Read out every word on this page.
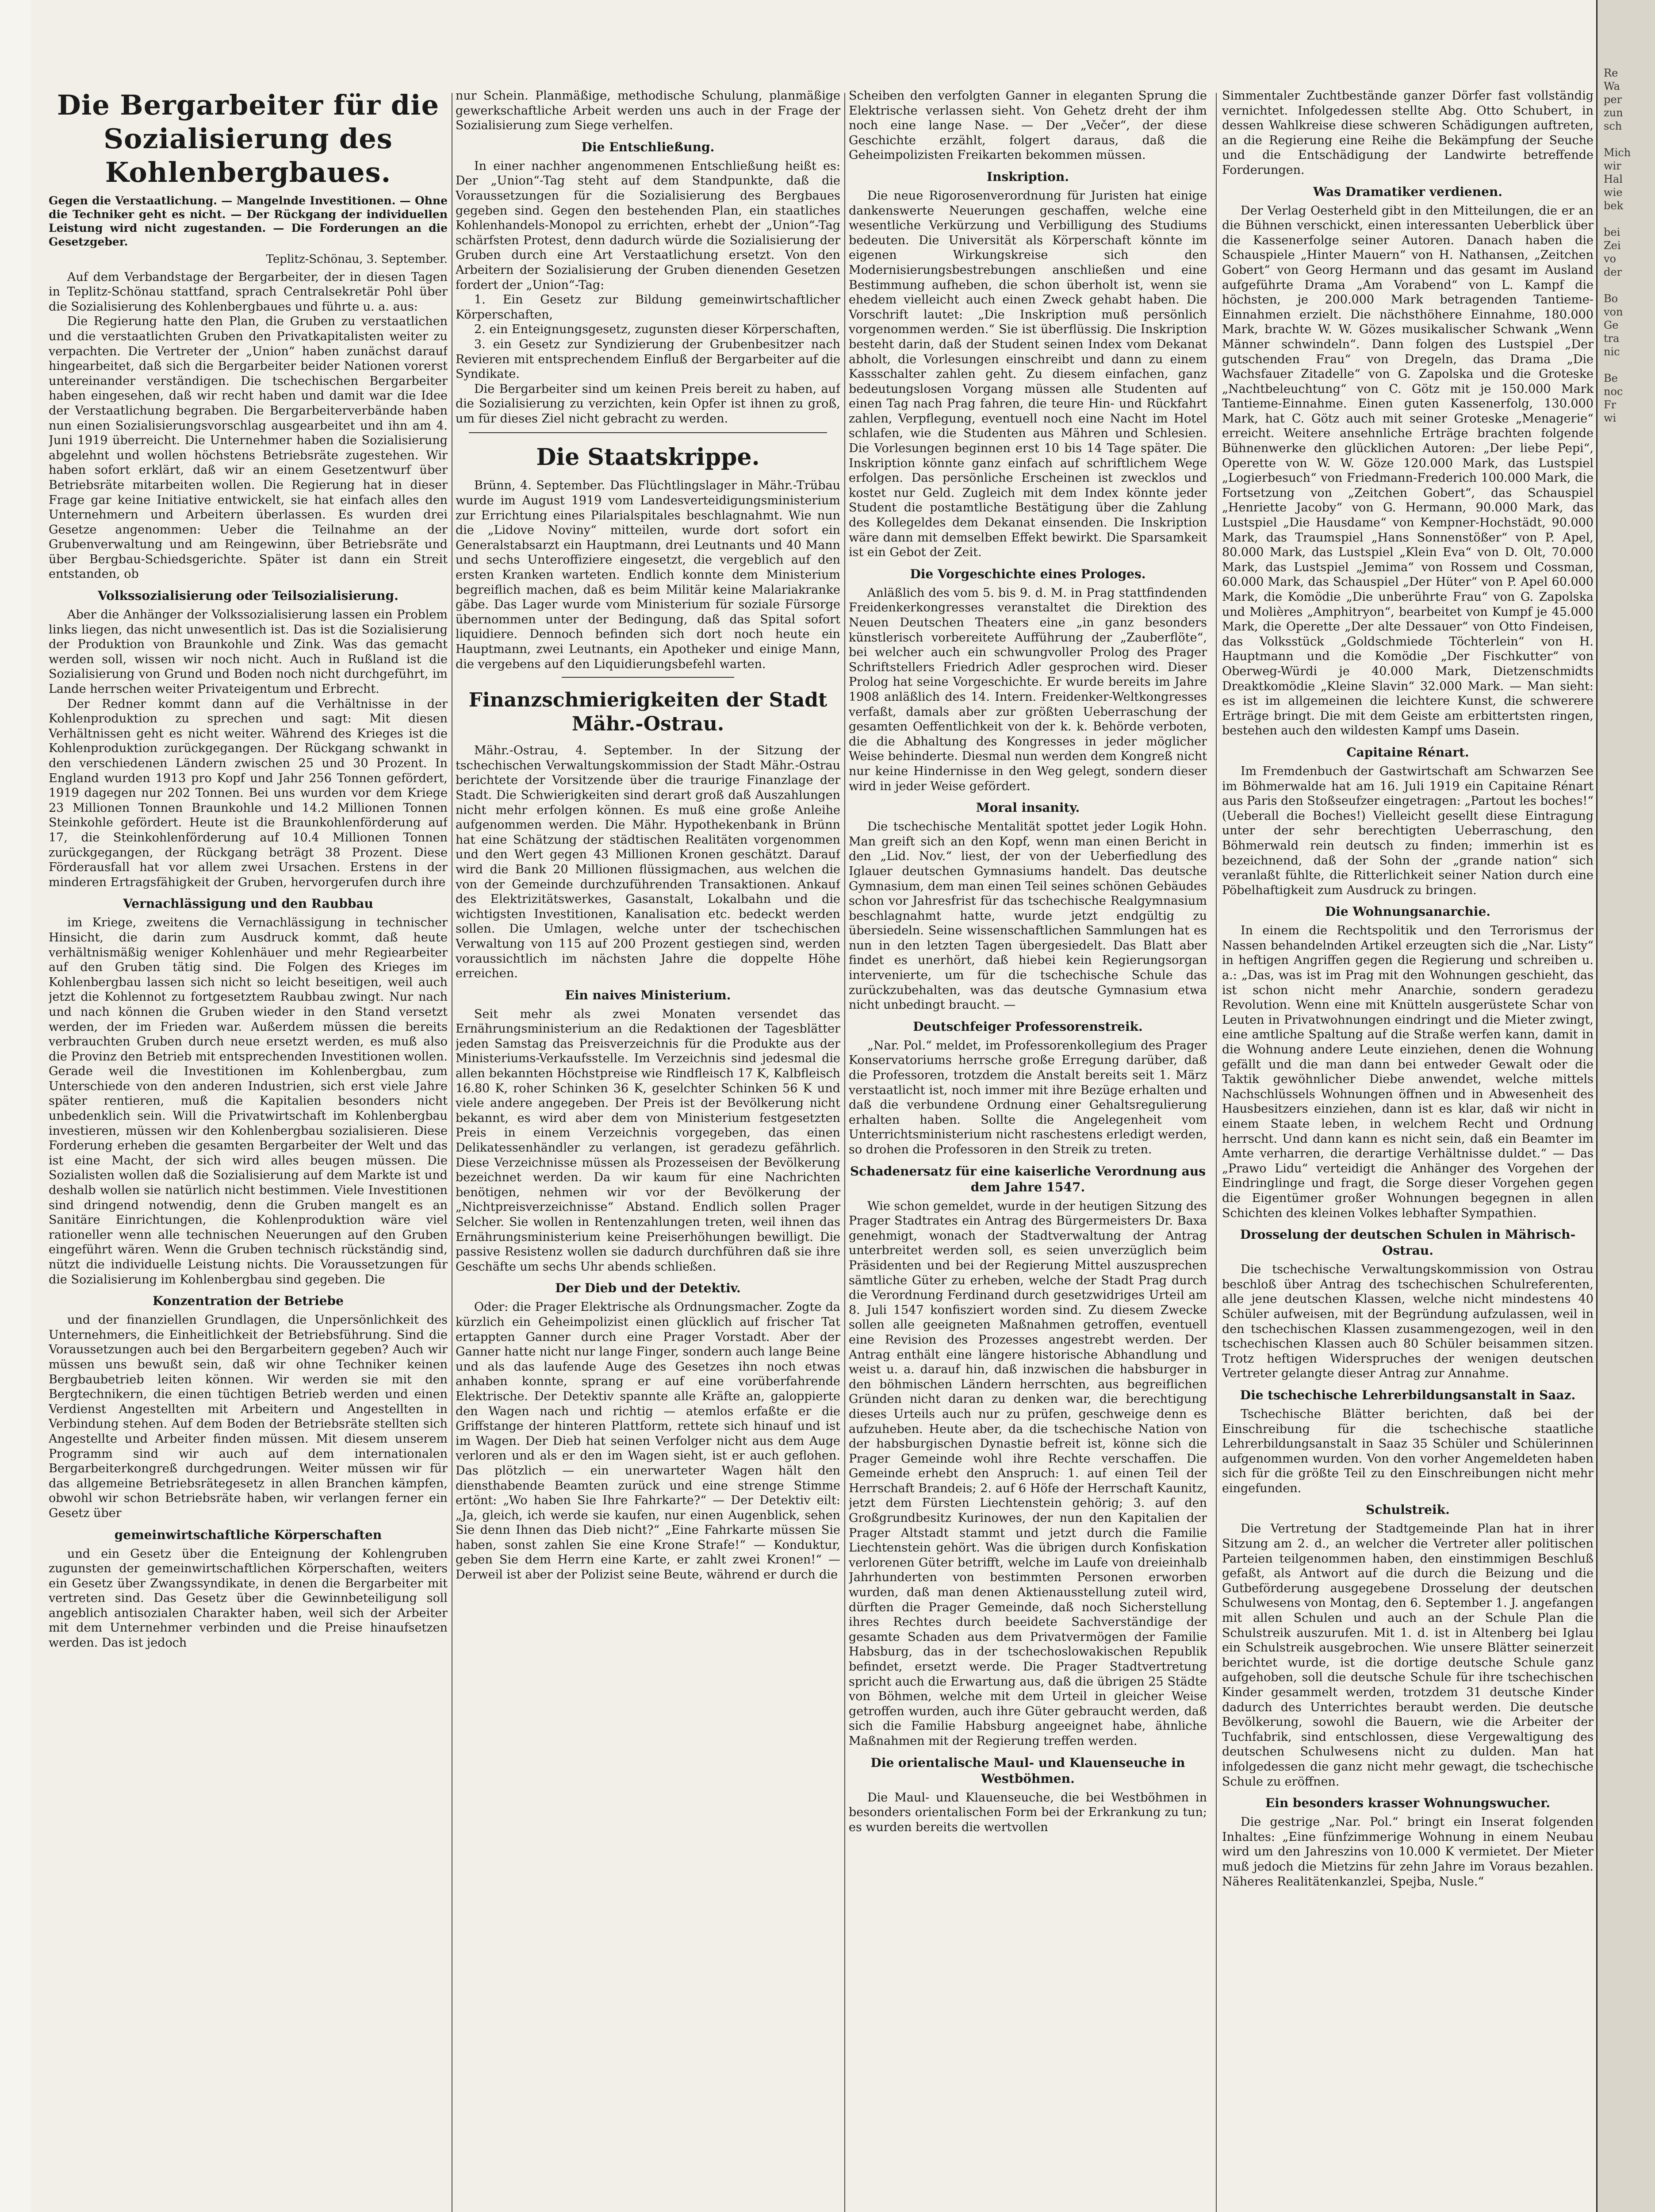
Die Bergarbeiter für die Sozialisierung des Kohlenbergbaues.
Gegen die Verstaatlichung. — Mangelnde Investitionen. — Ohne die Techniker geht es nicht. — Der Rückgang der individuellen Leistung wird nicht zugestanden. — Die Forderungen an die Gesetzgeber.
Teplitz-Schönau, 3. September.

Auf dem Verbandstage der Bergarbeiter, der in diesen Tagen in Teplitz-Schönau stattfand, sprach Centralsekretär Pohl über die Sozialisierung des Kohlenbergbaues und führte u. a. aus:

Die Regierung hatte den Plan, die Gruben zu verstaatlichen und die verstaatlichten Gruben den Privatkapitalisten weiter zu verpachten. Die Vertreter der „Union“ haben zunächst darauf hingearbeitet, daß sich die Bergarbeiter beider Nationen vorerst untereinander verständigen. Die tschechischen Bergarbeiter haben eingesehen, daß wir recht haben und damit war die Idee der Verstaatlichung begraben. Die Bergarbeiterverbände haben nun einen Sozialisierungsvorschlag ausgearbeitet und ihn am 4. Juni 1919 überreicht. Die Unternehmer haben die Sozialisierung abgelehnt und wollen höchstens Betriebsräte zugestehen. Wir haben sofort erklärt, daß wir an einem Gesetzentwurf über Betriebsräte mitarbeiten wollen. Die Regierung hat in dieser Frage gar keine Initiative entwickelt, sie hat einfach alles den Unternehmern und Arbeitern überlassen. Es wurden drei Gesetze angenommen: Ueber die Teilnahme an der Grubenverwaltung und am Reingewinn, über Betriebsräte und über Bergbau-Schiedsgerichte. Später ist dann ein Streit entstanden, ob

Volkssozialisierung oder Teilsozialisierung.

Aber die Anhänger der Volkssozialisierung lassen ein Problem links liegen, das nicht unwesentlich ist. Das ist die Sozialisierung der Produktion von Braunkohle und Zink. Was das gemacht werden soll, wissen wir noch nicht. Auch in Rußland ist die Sozialisierung von Grund und Boden noch nicht durchgeführt, im Lande herrschen weiter Privateigentum und Erbrecht.

Der Redner kommt dann auf die Verhältnisse in der Kohlenproduktion zu sprechen und sagt: Mit diesen Verhältnissen geht es nicht weiter. Während des Krieges ist die Kohlenproduktion zurückgegangen. Der Rückgang schwankt in den verschiedenen Ländern zwischen 25 und 30 Prozent. In England wurden 1913 pro Kopf und Jahr 256 Tonnen gefördert, 1919 dagegen nur 202 Tonnen. Bei uns wurden vor dem Kriege 23 Millionen Tonnen Braunkohle und 14.2 Millionen Tonnen Steinkohle gefördert. Heute ist die Braunkohlenförderung auf 17, die Steinkohlenförderung auf 10.4 Millionen Tonnen zurückgegangen, der Rückgang beträgt 38 Prozent. Diese Förderausfall hat vor allem zwei Ursachen. Erstens in der minderen Ertragsfähigkeit der Gruben, hervorgerufen durch ihre

Vernachlässigung und den Raubbau

im Kriege, zweitens die Vernachlässigung in technischer Hinsicht, die darin zum Ausdruck kommt, daß heute verhältnismäßig weniger Kohlenhäuer und mehr Regiearbeiter auf den Gruben tätig sind. Die Folgen des Krieges im Kohlenbergbau lassen sich nicht so leicht beseitigen, weil auch jetzt die Kohlennot zu fortgesetztem Raubbau zwingt. Nur nach und nach können die Gruben wieder in den Stand versetzt werden, der im Frieden war. Außerdem müssen die bereits verbrauchten Gruben durch neue ersetzt werden, es muß also die Provinz den Betrieb mit entsprechenden Investitionen wollen. Gerade weil die Investitionen im Kohlenbergbau, zum Unterschiede von den anderen Industrien, sich erst viele Jahre später rentieren, muß die Kapitalien besonders nicht unbedenklich sein. Will die Privatwirtschaft im Kohlenbergbau investieren, müssen wir den Kohlenbergbau sozialisieren. Diese Forderung erheben die gesamten Bergarbeiter der Welt und das ist eine Macht, der sich wird alles beugen müssen. Die Sozialisten wollen daß die Sozialisierung auf dem Markte ist und deshalb wollen sie natürlich nicht bestimmen. Viele Investitionen sind dringend notwendig, denn die Gruben mangelt es an Sanitäre Einrichtungen, die Kohlenproduktion wäre viel rationeller wenn alle technischen Neuerungen auf den Gruben eingeführt wären. Wenn die Gruben technisch rückständig sind, nützt die individuelle Leistung nichts. Die Voraussetzungen für die Sozialisierung im Kohlenbergbau sind gegeben. Die

Konzentration der Betriebe

und der finanziellen Grundlagen, die Unpersönlichkeit des Unternehmers, die Einheitlichkeit der Betriebsführung. Sind die Voraussetzungen auch bei den Bergarbeitern gegeben? Auch wir müssen uns bewußt sein, daß wir ohne Techniker keinen Bergbaubetrieb leiten können. Wir werden sie mit den Bergtechnikern, die einen tüchtigen Betrieb werden und einen Verdienst Angestellten mit Arbeitern und Angestellten in Verbindung stehen. Auf dem Boden der Betriebsräte stellten sich Angestellte und Arbeiter finden müssen. Mit diesem unserem Programm sind wir auch auf dem internationalen Bergarbeiterkongreß durchgedrungen. Weiter müssen wir für das allgemeine Betriebsrätegesetz in allen Branchen kämpfen, obwohl wir schon Betriebsräte haben, wir verlangen ferner ein Gesetz über

gemeinwirtschaftliche Körperschaften

und ein Gesetz über die Enteignung der Kohlengruben zugunsten der gemeinwirtschaftlichen Körperschaften, weiters ein Gesetz über Zwangssyndikate, in denen die Bergarbeiter mit vertreten sind. Das Gesetz über die Gewinnbeteiligung soll angeblich antisozialen Charakter haben, weil sich der Arbeiter mit dem Unternehmer verbinden und die Preise hinaufsetzen werden. Das ist jedoch

nur Schein. Planmäßige, methodische Schulung, planmäßige gewerkschaftliche Arbeit werden uns auch in der Frage der Sozialisierung zum Siege verhelfen.

Die Entschließung.

In einer nachher angenommenen Entschließung heißt es: Der „Union“-Tag steht auf dem Standpunkte, daß die Voraussetzungen für die Sozialisierung des Bergbaues gegeben sind. Gegen den bestehenden Plan, ein staatliches Kohlenhandels-Monopol zu errichten, erhebt der „Union“-Tag schärfsten Protest, denn dadurch würde die Sozialisierung der Gruben durch eine Art Verstaatlichung ersetzt. Von den Arbeitern der Sozialisierung der Gruben dienenden Gesetzen fordert der „Union“-Tag:

1. Ein Gesetz zur Bildung gemeinwirtschaftlicher Körperschaften,

2. ein Enteignungsgesetz, zugunsten dieser Körperschaften,

3. ein Gesetz zur Syndizierung der Grubenbesitzer nach Revieren mit entsprechendem Einfluß der Bergarbeiter auf die Syndikate.

Die Bergarbeiter sind um keinen Preis bereit zu haben, auf die Sozialisierung zu verzichten, kein Opfer ist ihnen zu groß, um für dieses Ziel nicht gebracht zu werden.

Die Staatskrippe.

Brünn, 4. September. Das Flüchtlingslager in Mähr.-Trübau wurde im August 1919 vom Landesverteidigungsministerium zur Errichtung eines Pilarialspitales beschlagnahmt. Wie nun die „Lidove Noviny“ mitteilen, wurde dort sofort ein Generalstabsarzt ein Hauptmann, drei Leutnants und 40 Mann und sechs Unteroffiziere eingesetzt, die vergeblich auf den ersten Kranken warteten. Endlich konnte dem Ministerium begreiflich machen, daß es beim Militär keine Malariakranke gäbe. Das Lager wurde vom Ministerium für soziale Fürsorge übernommen unter der Bedingung, daß das Spital sofort liquidiere. Dennoch befinden sich dort noch heute ein Hauptmann, zwei Leutnants, ein Apotheker und einige Mann, die vergebens auf den Liquidierungsbefehl warten.

Finanzschmierigkeiten der Stadt Mähr.-Ostrau.

Mähr.-Ostrau, 4. September. In der Sitzung der tschechischen Verwaltungskommission der Stadt Mähr.-Ostrau berichtete der Vorsitzende über die traurige Finanzlage der Stadt. Die Schwierigkeiten sind derart groß daß Auszahlungen nicht mehr erfolgen können. Es muß eine große Anleihe aufgenommen werden. Die Mähr. Hypothekenbank in Brünn hat eine Schätzung der städtischen Realitäten vorgenommen und den Wert gegen 43 Millionen Kronen geschätzt. Darauf wird die Bank 20 Millionen flüssigmachen, aus welchen die von der Gemeinde durchzuführenden Transaktionen. Ankauf des Elektrizitätswerkes, Gasanstalt, Lokalbahn und die wichtigsten Investitionen, Kanalisation etc. bedeckt werden sollen. Die Umlagen, welche unter der tschechischen Verwaltung von 115 auf 200 Prozent gestiegen sind, werden voraussichtlich im nächsten Jahre die doppelte Höhe erreichen.

Ein naives Ministerium.

Seit mehr als zwei Monaten versendet das Ernährungsministerium an die Redaktionen der Tagesblätter jeden Samstag das Preisverzeichnis für die Produkte aus der Ministeriums-Verkaufsstelle. Im Verzeichnis sind jedesmal die allen bekannten Höchstpreise wie Rindfleisch 17 K, Kalbfleisch 16.80 K, roher Schinken 36 K, geselchter Schinken 56 K und viele andere angegeben. Der Preis ist der Bevölkerung nicht bekannt, es wird aber dem von Ministerium festgesetzten Preis in einem Verzeichnis vorgegeben, das einen Delikatessenhändler zu verlangen, ist geradezu gefährlich. Diese Verzeichnisse müssen als Prozesseisen der Bevölkerung bezeichnet werden. Da wir kaum für eine Nachrichten benötigen, nehmen wir vor der Bevölkerung der „Nichtpreisverzeichnisse“ Abstand. Endlich sollen Prager Selcher. Sie wollen in Rentenzahlungen treten, weil ihnen das Ernährungsministerium keine Preiserhöhungen bewilligt. Die passive Resistenz wollen sie dadurch durchführen daß sie ihre Geschäfte um sechs Uhr abends schließen.

Der Dieb und der Detektiv.

Oder: die Prager Elektrische als Ordnungsmacher. Zogte da kürzlich ein Geheimpolizist einen glücklich auf frischer Tat ertappten Ganner durch eine Prager Vorstadt. Aber der Ganner hatte nicht nur lange Finger, sondern auch lange Beine und als das laufende Auge des Gesetzes ihn noch etwas anhaben konnte, sprang er auf eine vorüberfahrende Elektrische. Der Detektiv spannte alle Kräfte an, galoppierte den Wagen nach und richtig — atemlos erfaßte er die Griffstange der hinteren Plattform, rettete sich hinauf und ist im Wagen. Der Dieb hat seinen Verfolger nicht aus dem Auge verloren und als er den im Wagen sieht, ist er auch geflohen. Das plötzlich — ein unerwarteter Wagen hält den diensthabende Beamten zurück und eine strenge Stimme ertönt: „Wo haben Sie Ihre Fahrkarte?“ — Der Detektiv eilt: „Ja, gleich, ich werde sie kaufen, nur einen Augenblick, sehen Sie denn Ihnen das Dieb nicht?“ „Eine Fahrkarte müssen Sie haben, sonst zahlen Sie eine Krone Strafe!“ — Konduktur, geben Sie dem Herrn eine Karte, er zahlt zwei Kronen!“ — Derweil ist aber der Polizist seine Beute, während er durch die

Scheiben den verfolgten Ganner in eleganten Sprung die Elektrische verlassen sieht. Von Gehetz dreht der ihm noch eine lange Nase. — Der „Večer“, der diese Geschichte erzählt, folgert daraus, daß die Geheimpolizisten Freikarten bekommen müssen.

Inskription.

Die neue Rigorosenverordnung für Juristen hat einige dankenswerte Neuerungen geschaffen, welche eine wesentliche Verkürzung und Verbilligung des Studiums bedeuten. Die Universität als Körperschaft könnte im eigenen Wirkungskreise sich den Modernisierungsbestrebungen anschließen und eine Bestimmung aufheben, die schon überholt ist, wenn sie ehedem vielleicht auch einen Zweck gehabt haben. Die Vorschrift lautet: „Die Inskription muß persönlich vorgenommen werden.“ Sie ist überflüssig. Die Inskription besteht darin, daß der Student seinen Index vom Dekanat abholt, die Vorlesungen einschreibt und dann zu einem Kassschalter zahlen geht. Zu diesem einfachen, ganz bedeutungslosen Vorgang müssen alle Studenten auf einen Tag nach Prag fahren, die teure Hin- und Rückfahrt zahlen, Verpflegung, eventuell noch eine Nacht im Hotel schlafen, wie die Studenten aus Mähren und Schlesien. Die Vorlesungen beginnen erst 10 bis 14 Tage später. Die Inskription könnte ganz einfach auf schriftlichem Wege erfolgen. Das persönliche Erscheinen ist zwecklos und kostet nur Geld. Zugleich mit dem Index könnte jeder Student die postamtliche Bestätigung über die Zahlung des Kollegeldes dem Dekanat einsenden. Die Inskription wäre dann mit demselben Effekt bewirkt. Die Sparsamkeit ist ein Gebot der Zeit.

Die Vorgeschichte eines Prologes.

Anläßlich des vom 5. bis 9. d. M. in Prag stattfindenden Freidenkerkongresses veranstaltet die Direktion des Neuen Deutschen Theaters eine „in ganz besonders künstlerisch vorbereitete Aufführung der „Zauberflöte“, bei welcher auch ein schwungvoller Prolog des Prager Schriftstellers Friedrich Adler gesprochen wird. Dieser Prolog hat seine Vorgeschichte. Er wurde bereits im Jahre 1908 anläßlich des 14. Intern. Freidenker-Weltkongresses verfaßt, damals aber zur größten Ueberraschung der gesamten Oeffentlichkeit von der k. k. Behörde verboten, die die Abhaltung des Kongresses in jeder möglicher Weise behinderte. Diesmal nun werden dem Kongreß nicht nur keine Hindernisse in den Weg gelegt, sondern dieser wird in jeder Weise gefördert.

Moral insanity.

Die tschechische Mentalität spottet jeder Logik Hohn. Man greift sich an den Kopf, wenn man einen Bericht in den „Lid. Nov.“ liest, der von der Ueberfiedlung des Iglauer deutschen Gymnasiums handelt. Das deutsche Gymnasium, dem man einen Teil seines schönen Gebäudes schon vor Jahresfrist für das tschechische Realgymnasium beschlagnahmt hatte, wurde jetzt endgültig zu übersiedeln. Seine wissenschaftlichen Sammlungen hat es nun in den letzten Tagen übergesiedelt. Das Blatt aber findet es unerhört, daß hiebei kein Regierungsorgan intervenierte, um für die tschechische Schule das zurückzubehalten, was das deutsche Gymnasium etwa nicht unbedingt braucht. —

Deutschfeiger Professorenstreik.

„Nar. Pol.“ meldet, im Professorenkollegium des Prager Konservatoriums herrsche große Erregung darüber, daß die Professoren, trotzdem die Anstalt bereits seit 1. März verstaatlicht ist, noch immer mit ihre Bezüge erhalten und daß die verbundene Ordnung einer Gehaltsregulierung erhalten haben. Sollte die Angelegenheit vom Unterrichtsministerium nicht raschestens erledigt werden, so drohen die Professoren in den Streik zu treten.

Schadenersatz für eine kaiserliche Verordnung aus dem Jahre 1547.

Wie schon gemeldet, wurde in der heutigen Sitzung des Prager Stadtrates ein Antrag des Bürgermeisters Dr. Baxa genehmigt, wonach der Stadtverwaltung der Antrag unterbreitet werden soll, es seien unverzüglich beim Präsidenten und bei der Regierung Mittel auszusprechen sämtliche Güter zu erheben, welche der Stadt Prag durch die Verordnung Ferdinand durch gesetzwidriges Urteil am 8. Juli 1547 konfisziert worden sind. Zu diesem Zwecke sollen alle geeigneten Maßnahmen getroffen, eventuell eine Revision des Prozesses angestrebt werden. Der Antrag enthält eine längere historische Abhandlung und weist u. a. darauf hin, daß inzwischen die habsburger in den böhmischen Ländern herrschten, aus begreiflichen Gründen nicht daran zu denken war, die berechtigung dieses Urteils auch nur zu prüfen, geschweige denn es aufzuheben. Heute aber, da die tschechische Nation von der habsburgischen Dynastie befreit ist, könne sich die Prager Gemeinde wohl ihre Rechte verschaffen. Die Gemeinde erhebt den Anspruch: 1. auf einen Teil der Herrschaft Brandeis; 2. auf 6 Höfe der Herrschaft Kaunitz, jetzt dem Fürsten Liechtenstein gehörig; 3. auf den Großgrundbesitz Kurinowes, der nun den Kapitalien der Prager Altstadt stammt und jetzt durch die Familie Liechtenstein gehört. Was die übrigen durch Konfiskation verlorenen Güter betrifft, welche im Laufe von dreieinhalb Jahrhunderten von bestimmten Personen erworben wurden, daß man denen Aktienausstellung zuteil wird, dürften die Prager Gemeinde, daß noch Sicherstellung ihres Rechtes durch beeidete Sachverständige der gesamte Schaden aus dem Privatvermögen der Familie Habsburg, das in der tschechoslowakischen Republik befindet, ersetzt werde. Die Prager Stadtvertretung spricht auch die Erwartung aus, daß die übrigen 25 Städte von Böhmen, welche mit dem Urteil in gleicher Weise getroffen wurden, auch ihre Güter gebraucht werden, daß sich die Familie Habsburg angeeignet habe, ähnliche Maßnahmen mit der Regierung treffen werden.

Die orientalische Maul- und Klauenseuche in Westböhmen.

Die Maul- und Klauenseuche, die bei Westböhmen in besonders orientalischen Form bei der Erkrankung zu tun; es wurden bereits die wertvollen

Simmentaler Zuchtbestände ganzer Dörfer fast vollständig vernichtet. Infolgedessen stellte Abg. Otto Schubert, in dessen Wahlkreise diese schweren Schädigungen auftreten, an die Regierung eine Reihe die Bekämpfung der Seuche und die Entschädigung der Landwirte betreffende Forderungen.

Was Dramatiker verdienen.

Der Verlag Oesterheld gibt in den Mitteilungen, die er an die Bühnen verschickt, einen interessanten Ueberblick über die Kassenerfolge seiner Autoren. Danach haben die Schauspiele „Hinter Mauern“ von H. Nathansen, „Zeitchen Gobert“ von Georg Hermann und das gesamt im Ausland aufgeführte Drama „Am Vorabend“ von L. Kampf die höchsten, je 200.000 Mark betragenden Tantieme-Einnahmen erzielt. Die nächsthöhere Einnahme, 180.000 Mark, brachte W. W. Gözes musikalischer Schwank „Wenn Männer schwindeln“. Dann folgen des Lustspiel „Der gutschenden Frau“ von Dregeln, das Drama „Die Wachsfauer Zitadelle“ von G. Zapolska und die Groteske „Nachtbeleuchtung“ von C. Götz mit je 150.000 Mark Tantieme-Einnahme. Einen guten Kassenerfolg, 130.000 Mark, hat C. Götz auch mit seiner Groteske „Menagerie“ erreicht. Weitere ansehnliche Erträge brachten folgende Bühnenwerke den glücklichen Autoren: „Der liebe Pepi“, Operette von W. W. Göze 120.000 Mark, das Lustspiel „Logierbesuch“ von Friedmann-Frederich 100.000 Mark, die Fortsetzung von „Zeitchen Gobert“, das Schauspiel „Henriette Jacoby“ von G. Hermann, 90.000 Mark, das Lustspiel „Die Hausdame“ von Kempner-Hochstädt, 90.000 Mark, das Traumspiel „Hans Sonnenstößer“ von P. Apel, 80.000 Mark, das Lustspiel „Klein Eva“ von D. Olt, 70.000 Mark, das Lustspiel „Jemima“ von Rossem und Cossman, 60.000 Mark, das Schauspiel „Der Hüter“ von P. Apel 60.000 Mark, die Komödie „Die unberührte Frau“ von G. Zapolska und Molières „Amphitryon“, bearbeitet von Kumpf je 45.000 Mark, die Operette „Der alte Dessauer“ von Otto Findeisen, das Volksstück „Goldschmiede Töchterlein“ von H. Hauptmann und die Komödie „Der Fischkutter“ von Oberweg-Würdi je 40.000 Mark, Dietzenschmidts Dreaktkomödie „Kleine Slavin“ 32.000 Mark. — Man sieht: es ist im allgemeinen die leichtere Kunst, die schwerere Erträge bringt. Die mit dem Geiste am erbittertsten ringen, bestehen auch den wildesten Kampf ums Dasein.

Capitaine Rénart.

Im Fremdenbuch der Gastwirtschaft am Schwarzen See im Böhmerwalde hat am 16. Juli 1919 ein Capitaine Rénart aus Paris den Stoßseufzer eingetragen: „Partout les boches!“ (Ueberall die Boches!) Vielleicht gesellt diese Eintragung unter der sehr berechtigten Ueberraschung, den Böhmerwald rein deutsch zu finden; immerhin ist es bezeichnend, daß der Sohn der „grande nation“ sich veranlaßt fühlte, die Ritterlichkeit seiner Nation durch eine Pöbelhaftigkeit zum Ausdruck zu bringen.

Die Wohnungsanarchie.

In einem die Rechtspolitik und den Terrorismus der Nassen behandelnden Artikel erzeugten sich die „Nar. Listy“ in heftigen Angriffen gegen die Regierung und schreiben u. a.: „Das, was ist im Prag mit den Wohnungen geschieht, das ist schon nicht mehr Anarchie, sondern geradezu Revolution. Wenn eine mit Knütteln ausgerüstete Schar von Leuten in Privatwohnungen eindringt und die Mieter zwingt, eine amtliche Spaltung auf die Straße werfen kann, damit in die Wohnung andere Leute einziehen, denen die Wohnung gefällt und die man dann bei entweder Gewalt oder die Taktik gewöhnlicher Diebe anwendet, welche mittels Nachschlüssels Wohnungen öffnen und in Abwesenheit des Hausbesitzers einziehen, dann ist es klar, daß wir nicht in einem Staate leben, in welchem Recht und Ordnung herrscht. Und dann kann es nicht sein, daß ein Beamter im Amte verharren, die derartige Verhältnisse duldet.“ — Das „Prawo Lidu“ verteidigt die Anhänger des Vorgehen der Eindringlinge und fragt, die Sorge dieser Vorgehen gegen die Eigentümer großer Wohnungen begegnen in allen Schichten des kleinen Volkes lebhafter Sympathien.

Drosselung der deutschen Schulen in Mährisch-Ostrau.

Die tschechische Verwaltungskommission von Ostrau beschloß über Antrag des tschechischen Schulreferenten, alle jene deutschen Klassen, welche nicht mindestens 40 Schüler aufweisen, mit der Begründung aufzulassen, weil in den tschechischen Klassen zusammengezogen, weil in den tschechischen Klassen auch 80 Schüler beisammen sitzen. Trotz heftigen Widerspruches der wenigen deutschen Vertreter gelangte dieser Antrag zur Annahme.

Die tschechische Lehrerbildungsanstalt in Saaz.

Tschechische Blätter berichten, daß bei der Einschreibung für die tschechische staatliche Lehrerbildungsanstalt in Saaz 35 Schüler und Schülerinnen aufgenommen wurden. Von den vorher Angemeldeten haben sich für die größte Teil zu den Einschreibungen nicht mehr eingefunden.

Schulstreik.

Die Vertretung der Stadtgemeinde Plan hat in ihrer Sitzung am 2. d., an welcher die Vertreter aller politischen Parteien teilgenommen haben, den einstimmigen Beschluß gefaßt, als Antwort auf die durch die Beizung und die Gutbeförderung ausgegebene Drosselung der deutschen Schulwesens von Montag, den 6. September 1. J. angefangen mit allen Schulen und auch an der Schule Plan die Schulstreik auszurufen. Mit 1. d. ist in Altenberg bei Iglau ein Schulstreik ausgebrochen. Wie unsere Blätter seinerzeit berichtet wurde, ist die dortige deutsche Schule ganz aufgehoben, soll die deutsche Schule für ihre tschechischen Kinder gesammelt werden, trotzdem 31 deutsche Kinder dadurch des Unterrichtes beraubt werden. Die deutsche Bevölkerung, sowohl die Bauern, wie die Arbeiter der Tuchfabrik, sind entschlossen, diese Vergewaltigung des deutschen Schulwesens nicht zu dulden. Man hat infolgedessen die ganz nicht mehr gewagt, die tschechische Schule zu eröffnen.

Ein besonders krasser Wohnungswucher.

Die gestrige „Nar. Pol.“ bringt ein Inserat folgenden Inhaltes: „Eine fünfzimmerige Wohnung in einem Neubau wird um den Jahreszins von 10.000 K vermietet. Der Mieter muß jedoch die Mietzins für zehn Jahre im Voraus bezahlen. Näheres Realitätenkanzlei, Spejba, Nusle.“

Re
Wa
per
zun
sch

Mich
wir
Hal
wie
bek

bei
Zei
vo
der

Bo
von
Ge
tra
nic

Be
noc
Fr
wi
